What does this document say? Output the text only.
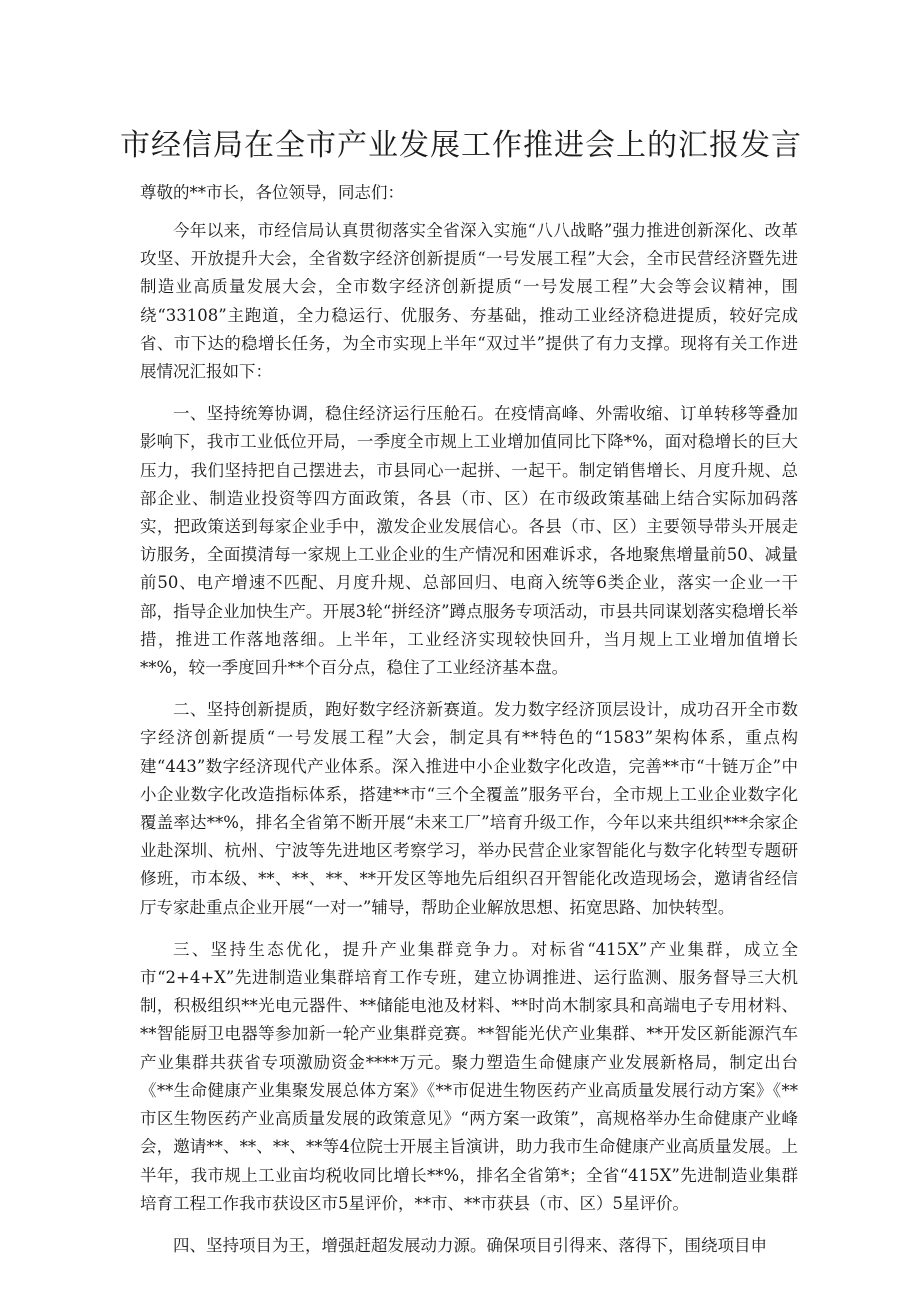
市经信局在全市产业发展工作推进会上的汇报发言

尊敬的**市长，各位领导，同志们：

今年以来，市经信局认真贯彻落实全省深入实施“八八战略”强力推进创新深化、改革攻坚、开放提升大会，全省数字经济创新提质“一号发展工程”大会，全市民营经济暨先进制造业高质量发展大会，全市数字经济创新提质“一号发展工程”大会等会议精神，围绕“33108”主跑道，全力稳运行、优服务、夯基础，推动工业经济稳进提质，较好完成省、市下达的稳增长任务，为全市实现上半年“双过半”提供了有力支撑。现将有关工作进展情况汇报如下：

一、坚持统筹协调，稳住经济运行压舱石。在疫情高峰、外需收缩、订单转移等叠加影响下，我市工业低位开局，一季度全市规上工业增加值同比下降*%，面对稳增长的巨大压力，我们坚持把自己摆进去，市县同心一起拼、一起干。制定销售增长、月度升规、总部企业、制造业投资等四方面政策，各县（市、区）在市级政策基础上结合实际加码落实，把政策送到每家企业手中，激发企业发展信心。各县（市、区）主要领导带头开展走访服务，全面摸清每一家规上工业企业的生产情况和困难诉求，各地聚焦增量前50、减量前50、电产增速不匹配、月度升规、总部回归、电商入统等6类企业，落实一企业一干部，指导企业加快生产。开展3轮“拼经济”蹲点服务专项活动，市县共同谋划落实稳增长举措，推进工作落地落细。上半年，工业经济实现较快回升，当月规上工业增加值增长**%，较一季度回升**个百分点，稳住了工业经济基本盘。

二、坚持创新提质，跑好数字经济新赛道。发力数字经济顶层设计，成功召开全市数字经济创新提质“一号发展工程”大会，制定具有**特色的“1583”架构体系，重点构建“443”数字经济现代产业体系。深入推进中小企业数字化改造，完善**市“十链万企”中小企业数字化改造指标体系，搭建**市“三个全覆盖”服务平台，全市规上工业企业数字化覆盖率达**%，排名全省第不断开展“未来工厂”培育升级工作，今年以来共组织***余家企业赴深圳、杭州、宁波等先进地区考察学习，举办民营企业家智能化与数字化转型专题研修班，市本级、**、**、**、**开发区等地先后组织召开智能化改造现场会，邀请省经信厅专家赴重点企业开展“一对一”辅导，帮助企业解放思想、拓宽思路、加快转型。

三、坚持生态优化，提升产业集群竞争力。对标省“415X”产业集群，成立全市“2+4+X”先进制造业集群培育工作专班，建立协调推进、运行监测、服务督导三大机制，积极组织**光电元器件、**储能电池及材料、**时尚木制家具和高端电子专用材料、**智能厨卫电器等参加新一轮产业集群竞赛。**智能光伏产业集群、**开发区新能源汽车产业集群共获省专项激励资金****万元。聚力塑造生命健康产业发展新格局，制定出台《**生命健康产业集聚发展总体方案》《**市促进生物医药产业高质量发展行动方案》《**市区生物医药产业高质量发展的政策意见》“两方案一政策”，高规格举办生命健康产业峰会，邀请**、**、**、**等4位院士开展主旨演讲，助力我市生命健康产业高质量发展。上半年，我市规上工业亩均税收同比增长**%，排名全省第*；全省“415X”先进制造业集群培育工程工作我市获设区市5星评价，**市、**市获县（市、区）5星评价。

四、坚持项目为王，增强赶超发展动力源。确保项目引得来、落得下，围绕项目申
